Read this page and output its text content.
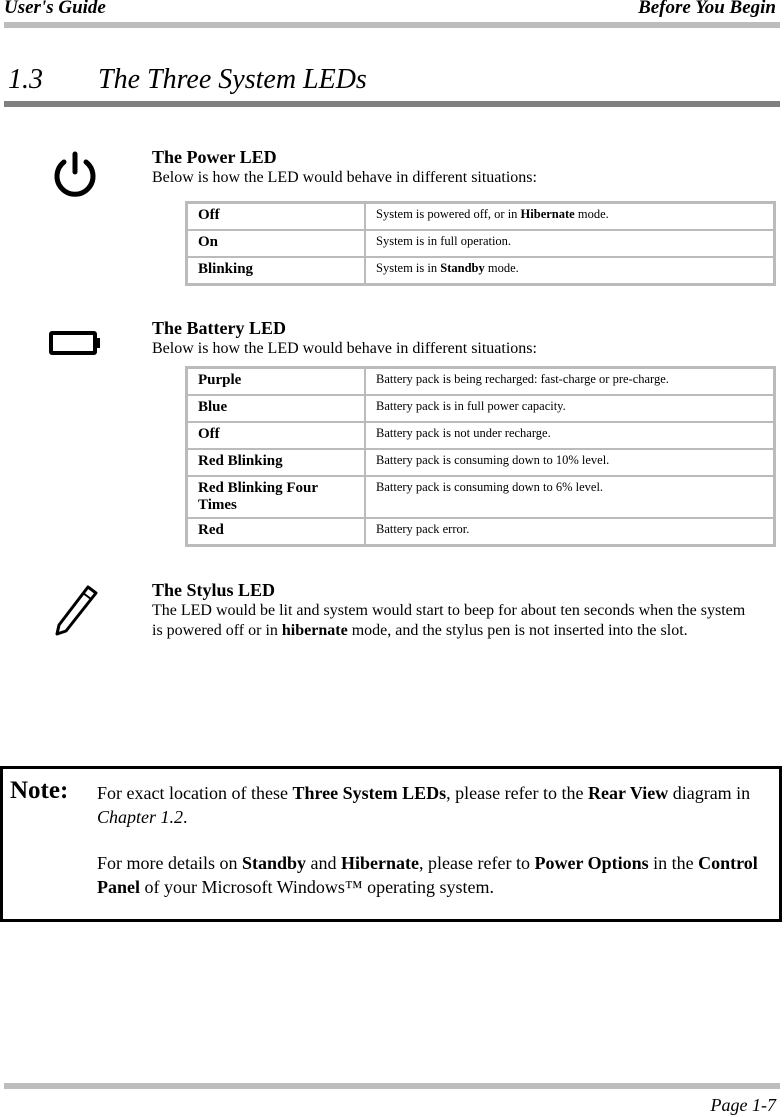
User's Guide	Before You Begin
1.3 The Three System LEDs

The Power LED

Below is how the LED would behave in different situations:
Off	System is powered off, or in Hibernate mode.
On	System is in full operation.
Blinking	System is in Standby mode.

The Battery LED

Below is how the LED would behave in different situations:
Purple	Battery pack is being recharged: fast-charge or pre-charge.
Blue	Battery pack is in full power capacity.
Off	Battery pack is not under recharge.
Red Blinking	Battery pack is consuming down to 10% level.
Red Blinking Four Times	Battery pack is consuming down to 6% level.
Red	Battery pack error.

The Stylus LED

The LED would be lit and system would start to beep for about ten seconds when the system is powered off or in hibernate mode, and the stylus pen is not inserted into the slot.
Note: For exact location of these Three System LEDs, please refer to the Rear View diagram in Chapter 1.2.

For more details on Standby and Hibernate, please refer to Power Options in the Control Panel of your Microsoft Windows™ operating system.

Page 1-7
